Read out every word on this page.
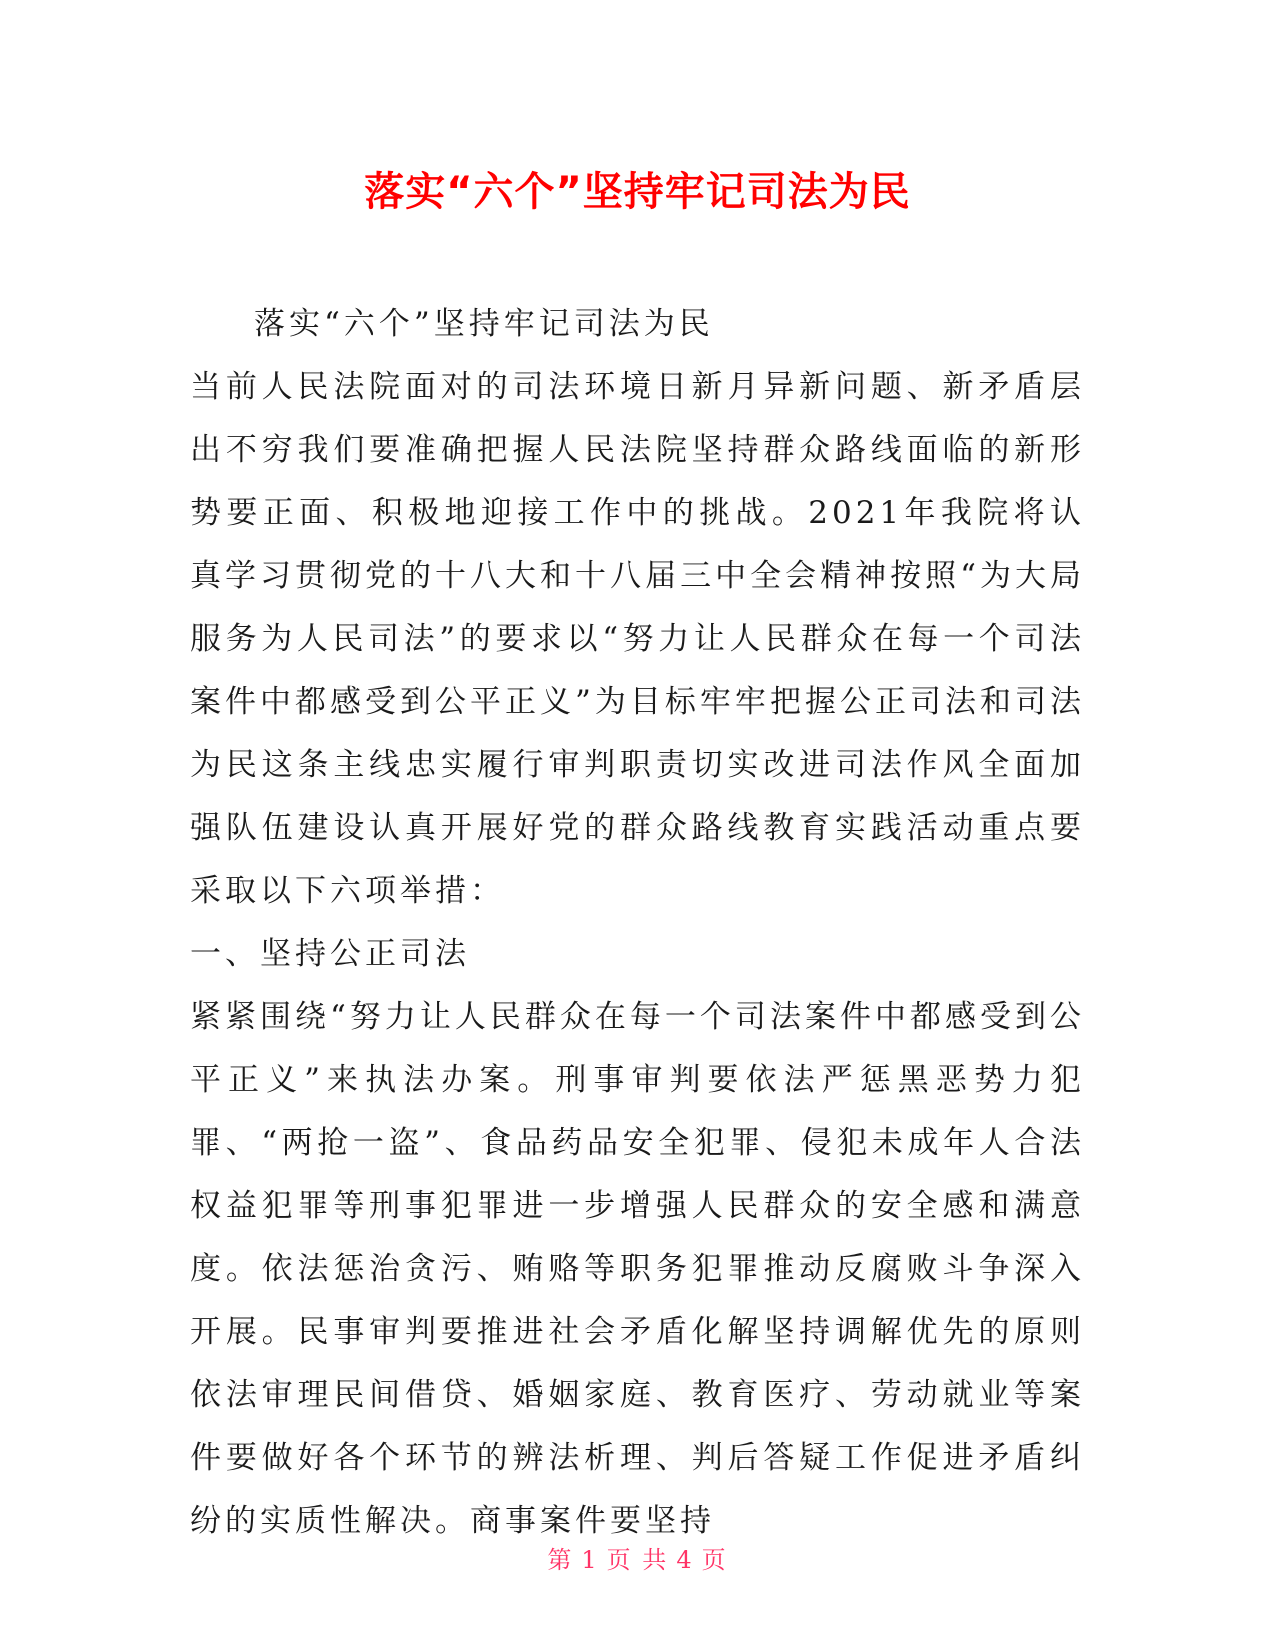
落实“六个”坚持牢记司法为民

落实“六个”坚持牢记司法为民

当前人民法院面对的司法环境日新月异新问题、新矛盾层出不穷我们要准确把握人民法院坚持群众路线面临的新形势要正面、积极地迎接工作中的挑战。2021年我院将认真学习贯彻党的十八大和十八届三中全会精神按照“为大局服务为人民司法”的要求以“努力让人民群众在每一个司法案件中都感受到公平正义”为目标牢牢把握公正司法和司法为民这条主线忠实履行审判职责切实改进司法作风全面加强队伍建设认真开展好党的群众路线教育实践活动重点要采取以下六项举措：

一、坚持公正司法

紧紧围绕“努力让人民群众在每一个司法案件中都感受到公平正义”来执法办案。刑事审判要依法严惩黑恶势力犯罪、“两抢一盗”、食品药品安全犯罪、侵犯未成年人合法权益犯罪等刑事犯罪进一步增强人民群众的安全感和满意度。依法惩治贪污、贿赂等职务犯罪推动反腐败斗争深入开展。民事审判要推进社会矛盾化解坚持调解优先的原则依法审理民间借贷、婚姻家庭、教育医疗、劳动就业等案件要做好各个环节的辨法析理、判后答疑工作促进矛盾纠纷的实质性解决。商事案件要坚持

第 1 页 共 4 页
